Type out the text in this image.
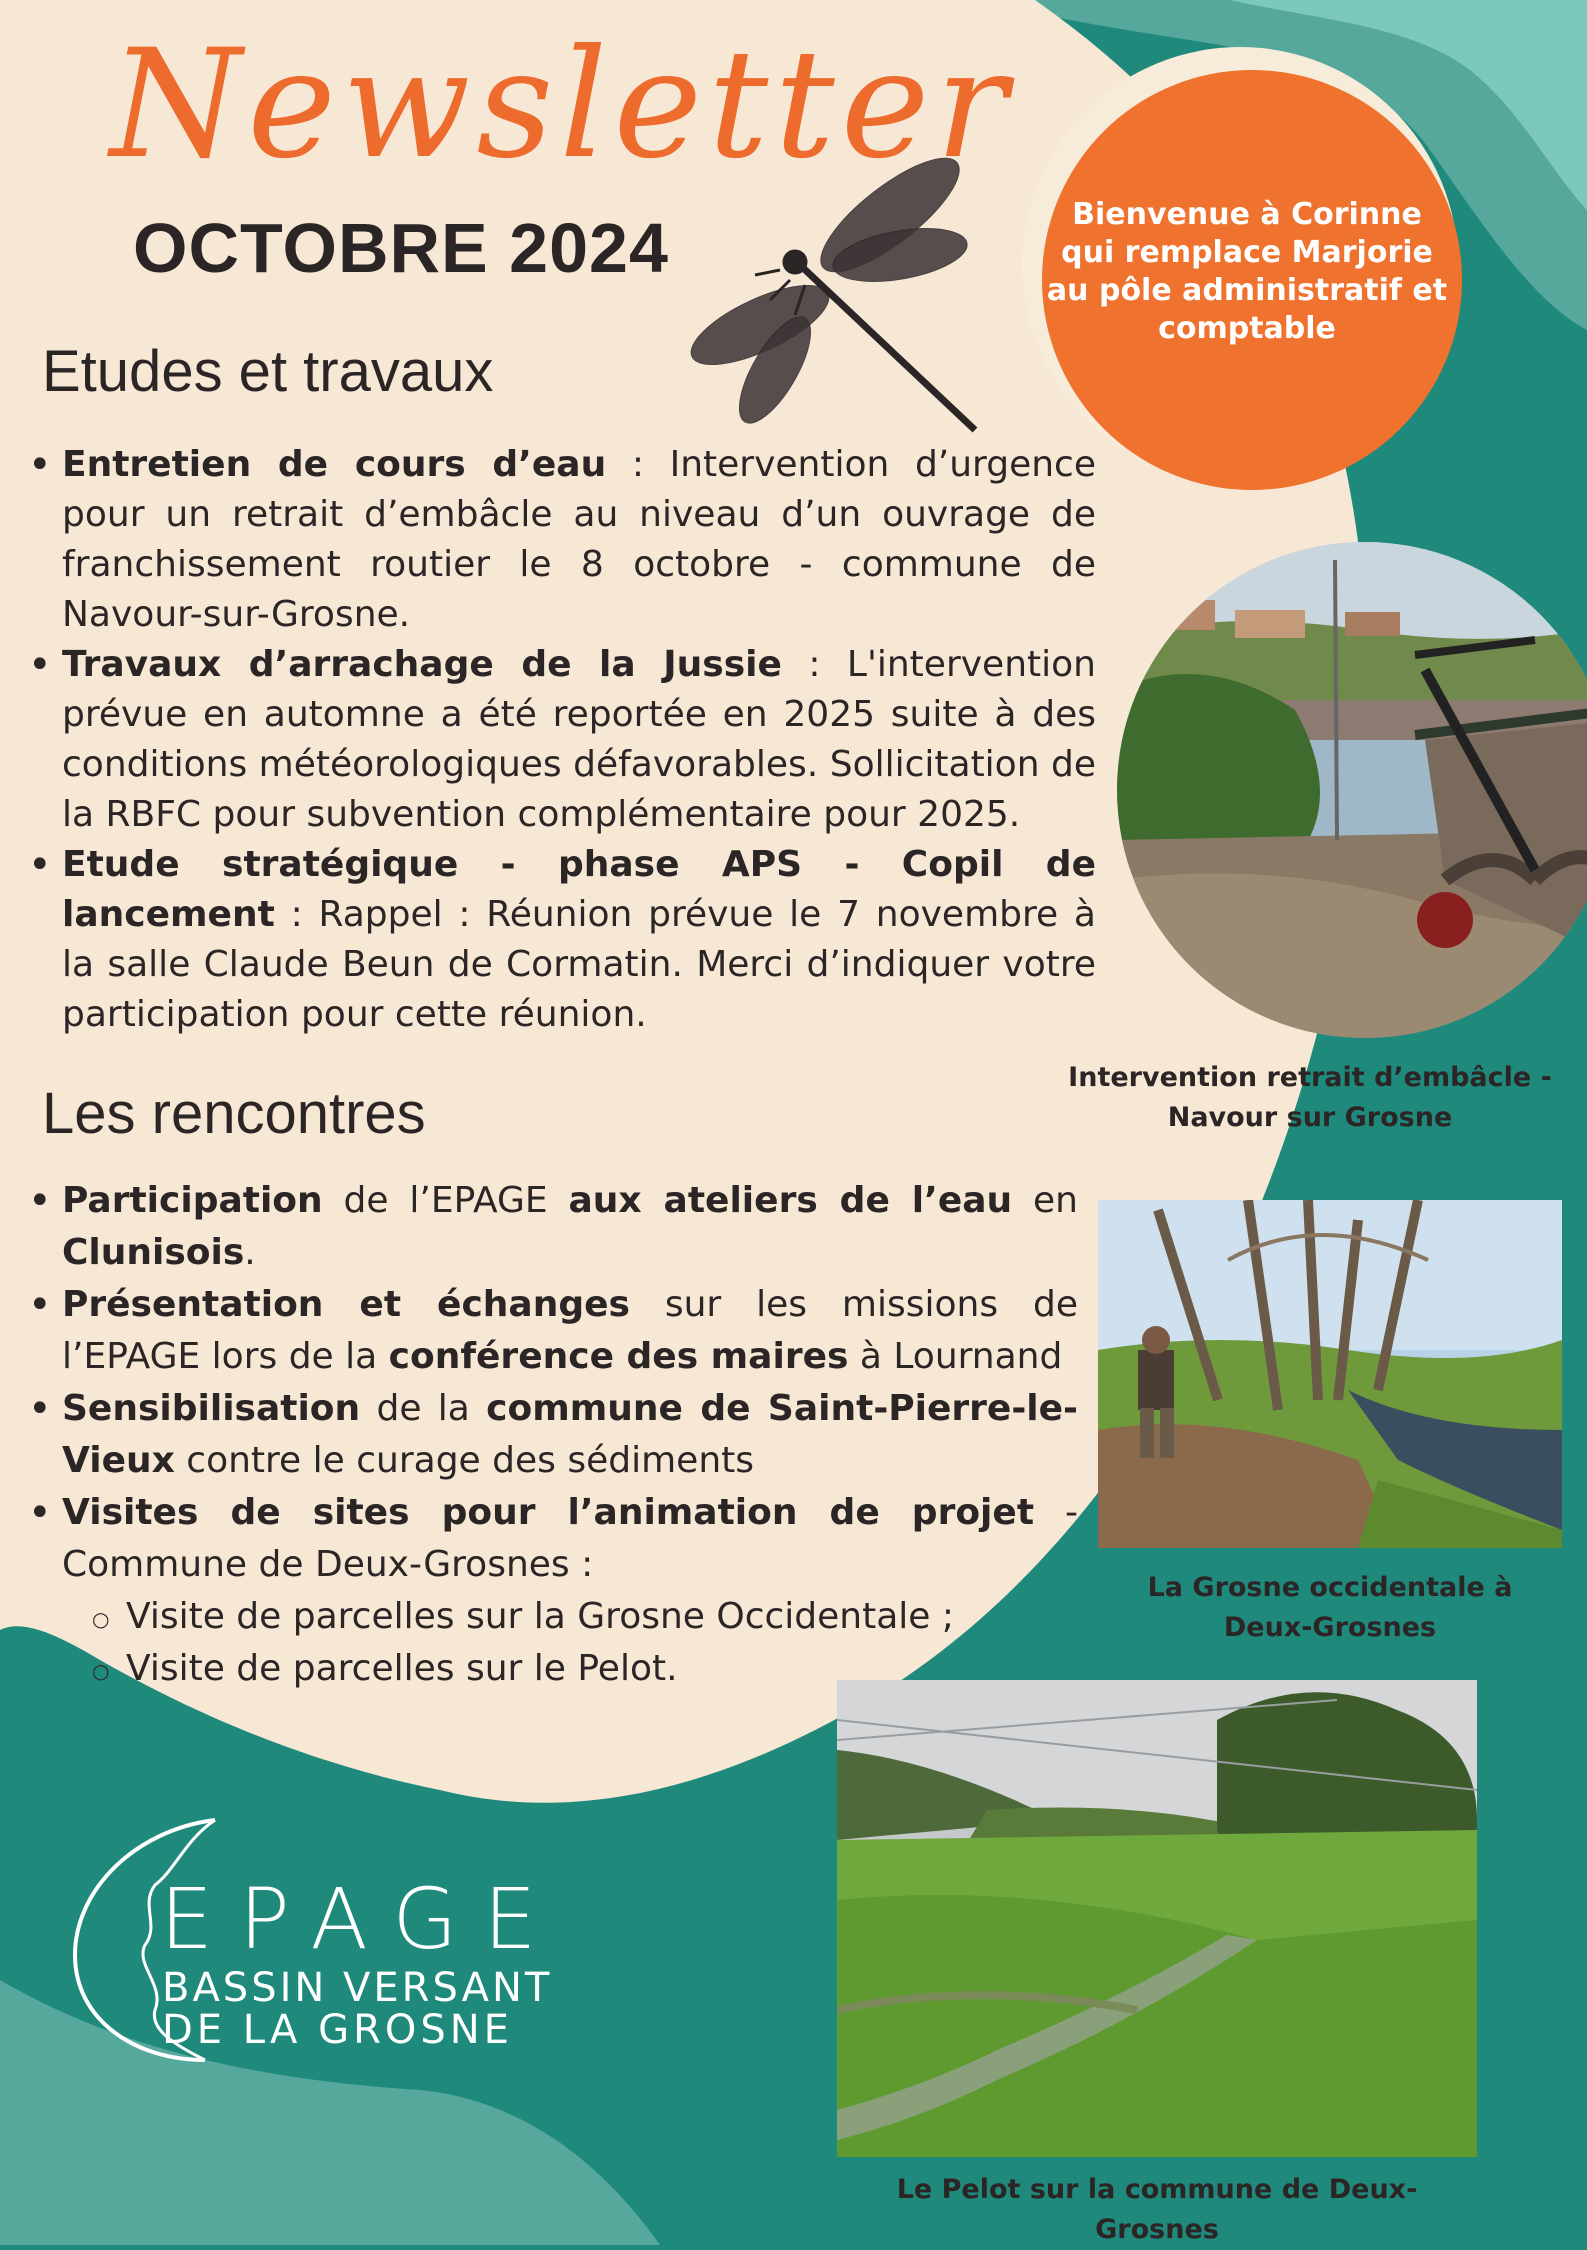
Newsletter
OCTOBRE 2024	Bienvenue à Corinne
qui remplace Marjorie
au pôle administratif et
comptable
Etudes et travaux
• Entretien de cours d’eau : Intervention d’urgence pour un retrait d’embâcle au niveau d’un ouvrage de franchissement routier le 8 octobre - commune de Navour-sur-Grosne.
• Travaux d’arrachage de la Jussie : L'intervention prévue en automne a été reportée en 2025 suite à des conditions météorologiques défavorables. Sollicitation de la RBFC pour subvention complémentaire pour 2025.
• Etude stratégique - phase APS - Copil de lancement : Rappel : Réunion prévue le 7 novembre à la salle Claude Beun de Cormatin. Merci d’indiquer votre participation pour cette réunion.
Intervention retrait d’embâcle -
Navour sur Grosne
Les rencontres
• Participation de l’EPAGE aux ateliers de l’eau en Clunisois.
• Présentation et échanges sur les missions de l’EPAGE lors de la conférence des maires à Lournand
• Sensibilisation de la commune de Saint-Pierre-le-Vieux contre le curage des sédiments
• Visites de sites pour l’animation de projet - Commune de Deux-Grosnes :
○ Visite de parcelles sur la Grosne Occidentale ;
○ Visite de parcelles sur le Pelot.
La Grosne occidentale à
Deux-Grosnes
Le Pelot sur la commune de Deux-Grosnes
EPAGE
BASSIN VERSANT
DE LA GROSNE
